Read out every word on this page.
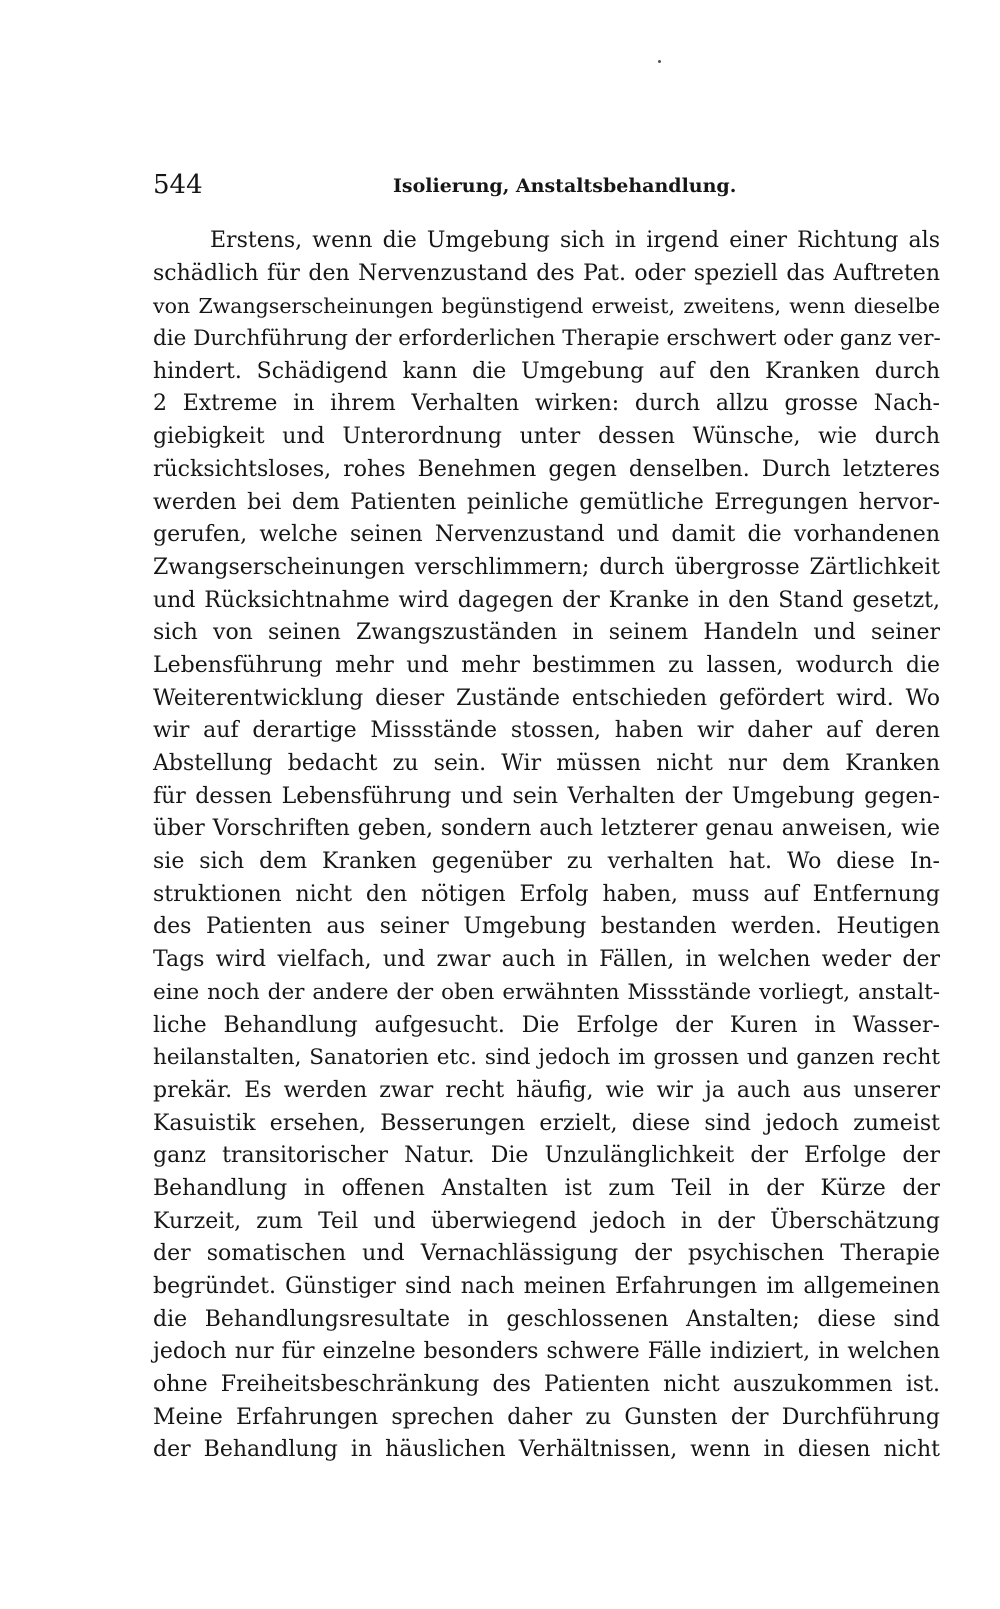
544	Isolierung, Anstaltsbehandlung.
Erstens, wenn die Umgebung sich in irgend einer Richtung als
schädlich für den Nervenzustand des Pat. oder speziell das Auftreten
von Zwangserscheinungen begünstigend erweist, zweitens, wenn dieselbe
die Durchführung der erforderlichen Therapie erschwert oder ganz ver-
hindert. Schädigend kann die Umgebung auf den Kranken durch
2 Extreme in ihrem Verhalten wirken: durch allzu grosse Nach-
giebigkeit und Unterordnung unter dessen Wünsche, wie durch
rücksichtsloses, rohes Benehmen gegen denselben. Durch letzteres
werden bei dem Patienten peinliche gemütliche Erregungen hervor-
gerufen, welche seinen Nervenzustand und damit die vorhandenen
Zwangserscheinungen verschlimmern; durch übergrosse Zärtlichkeit
und Rücksichtnahme wird dagegen der Kranke in den Stand gesetzt,
sich von seinen Zwangszuständen in seinem Handeln und seiner
Lebensführung mehr und mehr bestimmen zu lassen, wodurch die
Weiterentwicklung dieser Zustände entschieden gefördert wird. Wo
wir auf derartige Missstände stossen, haben wir daher auf deren
Abstellung bedacht zu sein. Wir müssen nicht nur dem Kranken
für dessen Lebensführung und sein Verhalten der Umgebung gegen-
über Vorschriften geben, sondern auch letzterer genau anweisen, wie
sie sich dem Kranken gegenüber zu verhalten hat. Wo diese In-
struktionen nicht den nötigen Erfolg haben, muss auf Entfernung
des Patienten aus seiner Umgebung bestanden werden. Heutigen
Tags wird vielfach, und zwar auch in Fällen, in welchen weder der
eine noch der andere der oben erwähnten Missstände vorliegt, anstalt-
liche Behandlung aufgesucht. Die Erfolge der Kuren in Wasser-
heilanstalten, Sanatorien etc. sind jedoch im grossen und ganzen recht
prekär. Es werden zwar recht häufig, wie wir ja auch aus unserer
Kasuistik ersehen, Besserungen erzielt, diese sind jedoch zumeist
ganz transitorischer Natur. Die Unzulänglichkeit der Erfolge der
Behandlung in offenen Anstalten ist zum Teil in der Kürze der
Kurzeit, zum Teil und überwiegend jedoch in der Überschätzung
der somatischen und Vernachlässigung der psychischen Therapie
begründet. Günstiger sind nach meinen Erfahrungen im allgemeinen
die Behandlungsresultate in geschlossenen Anstalten; diese sind
jedoch nur für einzelne besonders schwere Fälle indiziert, in welchen
ohne Freiheitsbeschränkung des Patienten nicht auszukommen ist.
Meine Erfahrungen sprechen daher zu Gunsten der Durchführung
der Behandlung in häuslichen Verhältnissen, wenn in diesen nicht
